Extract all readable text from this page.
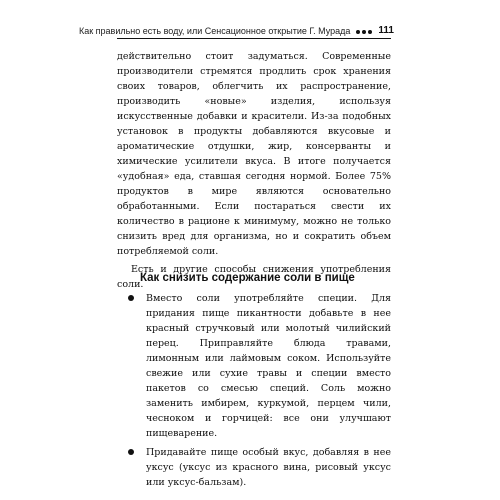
Как правильно есть воду, или Сенсационное открытие Г. Мурада	111

действительно стоит задуматься. Современные производители стремятся продлить срок хранения своих товаров, облегчить их распространение, производить «новые» изделия, используя искусственные добавки и красители. Из-за подобных установок в продукты добавляются вкусовые и ароматические отдушки, жир, консерванты и химические усилители вкуса. В итоге получается «удобная» еда, ставшая сегодня нормой. Более 75% продуктов в мире являются основательно обработанными. Если постараться свести их количество в рационе к минимуму, можно не только снизить вред для организма, но и сократить объем потребляемой соли.

Есть и другие способы снижения употребления соли.

Как снизить содержание соли в пище
Вместо соли употребляйте специи. Для придания пище пикантности добавьте в нее красный стручковый или молотый чилийский перец. Приправляйте блюда травами, лимонным или лаймовым соком. Используйте свежие или сухие травы и специи вместо пакетов со смесью специй. Соль можно заменить имбирем, куркумой, перцем чили, чесноком и горчицей: все они улучшают пищеварение.
Придавайте пище особый вкус, добавляя в нее уксус (уксус из красного вина, рисовый уксус или уксус-бальзам).
